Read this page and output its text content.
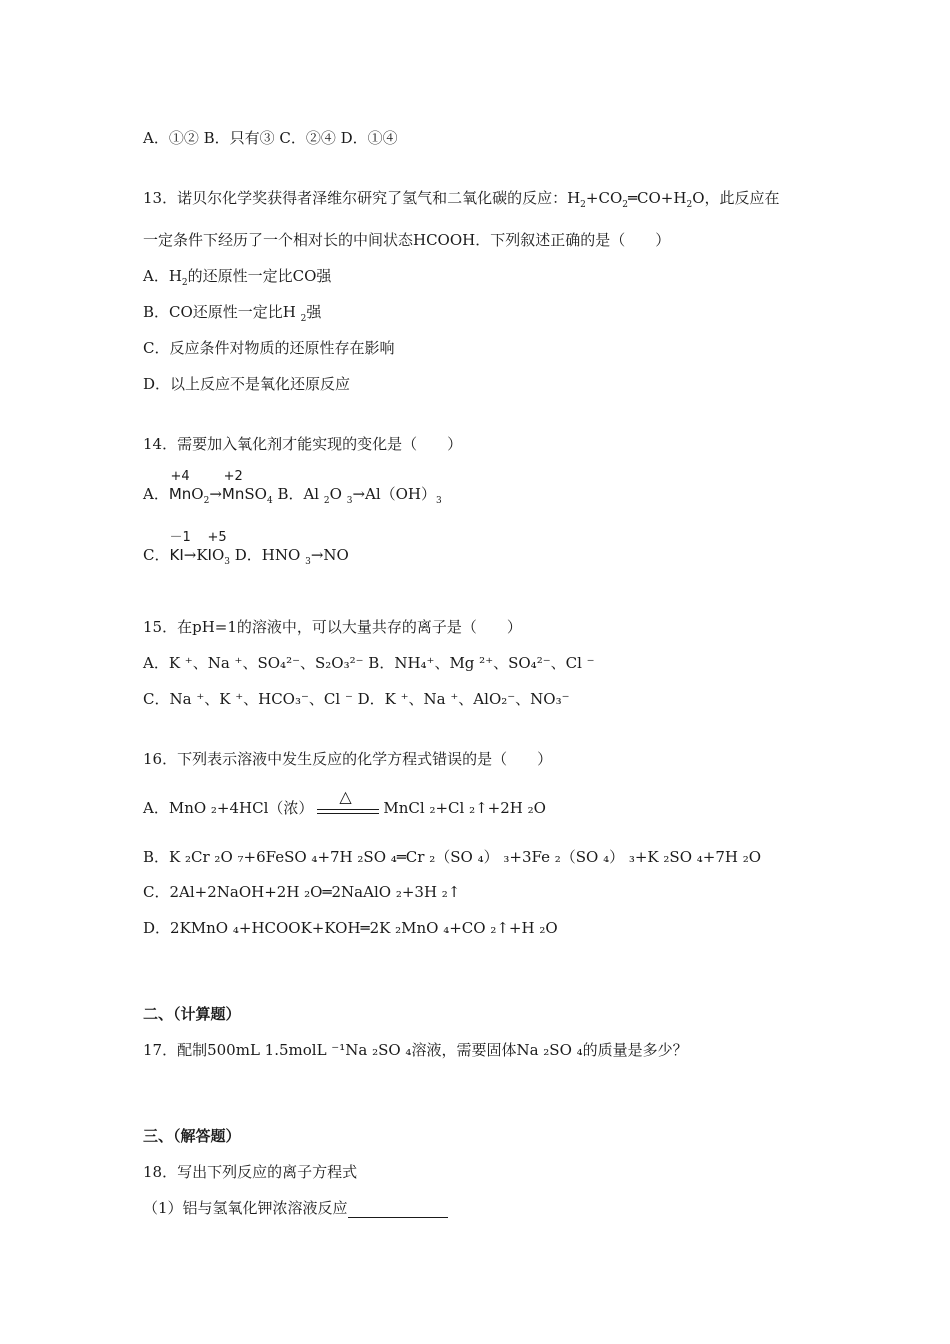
A．①② B．只有③ C．②④ D．①④
13．诺贝尔化学奖获得者泽维尔研究了氢气和二氧化碳的反应：$H_2+CO_2═CO+H_2O$，此反应在
一定条件下经历了一个相对长的中间状态HCOOH．下列叙述正确的是（　　）
A．$H_2$的还原性一定比CO强
B．CO还原性一定比H $_2$强
C．反应条件对物质的还原性存在影响
D．以上反应不是氧化还原反应
14．需要加入氧化剂才能实现的变化是（　　）
A．
+4
MnO$_2$→
+2
MnSO$_4$ B．Al $_2$O $_3\to Al(OH)_3$
C．
－1
KI→K
+5
$IO_3$ D．HNO $_3$→NO
15．在pH=1的溶液中，可以大量共存的离子是（　　）
A．K ⁺、Na ⁺、SO₄²⁻、S₂O₃²⁻ B．NH₄⁺、Mg ²⁺、SO₄²⁻、Cl ⁻
C．Na ⁺、K ⁺、HCO₃⁻、Cl ⁻ D．K ⁺、Na ⁺、AlO₂⁻、NO₃⁻
16．下列表示溶液中发生反应的化学方程式错误的是（　　）
A．MnO ₂+4HCl（浓）
△
MnCl ₂+Cl ₂↑+2H ₂O
B．K ₂Cr ₂O ₇+6FeSO ₄+7H ₂SO ₄═Cr ₂（SO ₄） ₃+3Fe ₂（SO ₄） ₃+K ₂SO ₄+7H ₂O
C．2Al+2NaOH+2H ₂O═2NaAlO ₂+3H ₂↑
D．2KMnO ₄+HCOOK+KOH═2K ₂MnO ₄+CO ₂↑+H ₂O
二、（计算题）
17．配制500mL 1.5molL ⁻¹Na ₂SO ₄溶液，需要固体Na ₂SO ₄的质量是多少？
三、（解答题）
18．写出下列反应的离子方程式
（1）铝与氢氧化钾浓溶液反应
